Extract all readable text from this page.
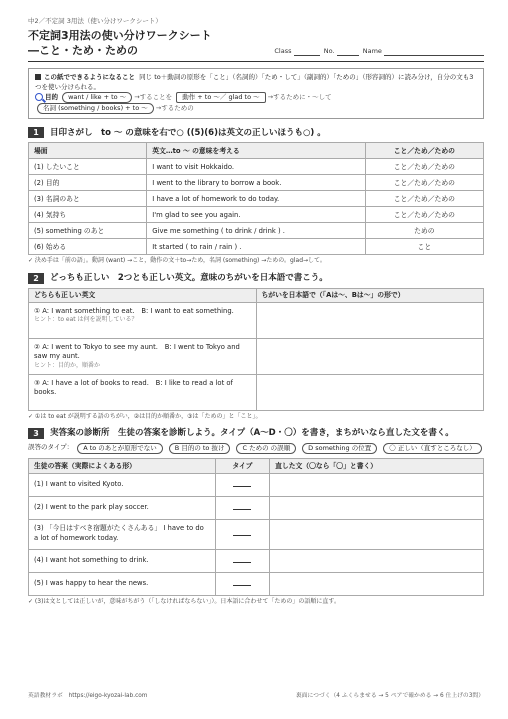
中2／不定詞 3用法（使い分けワークシート）
不定詞3用法の使い分けワークシート
―こと・ため・ための	Class	No.	Name
この紙でできるようになること 同じ to＋動詞の原形を「こと」（名詞的）「ため・して」（副詞的）「ための」（形容詞的）に読み分け，自分の文も3つを使い分けられる。
目的 want / like + to ～ →することを 動作 + to ～／ glad to ～ →するために・～して
名詞 (something / books) + to ～ →するための
1	目印さがし　to ～ の意味を右で○ ((5)(6)は英文の正しいほうも○) 。
場面	英文…to ～ の意味を考える	こと／ため／ための
(1) したいこと	I want to visit Hokkaido.	こと／ため／ための
(2) 目的	I went to the library to borrow a book.	こと／ため／ための
(3) 名詞のあと	I have a lot of homework to do today.	こと／ため／ための
(4) 気持ち	I'm glad to see you again.	こと／ため／ための
(5) something のあと	Give me something ( to drink / drink ) .	ための
(6) 始める	It started ( to rain / rain ) .	こと
✓ 決め手は「前の語」。動詞 (want) →こと，動作の文＋to→ため，名詞 (something) →ための。glad→して。
2	どっちも正しい　2つとも正しい英文。意味のちがいを日本語で書こう。
どちらも正しい英文	ちがいを日本語で（「Aは～、Bは～」の形で）

① A: I want something to eat.　B: I want to eat something.
ヒント：to eat は何を説明している？	

② A: I went to Tokyo to see my aunt.　B: I went to Tokyo and saw my aunt.
ヒント：目的か，順番か	

③ A: I have a lot of books to read.　B: I like to read a lot of books.	

✓ ①は to eat が説明する語のちがい，②は目的か順番か，③は「ための」と「こと」。
3	実答案の診断所　生徒の答案を診断しよう。タイプ（A〜D・〇）を書き，まちがいなら直した文を書く。
誤答のタイプ：	A to のあとが原形でない	B 目的の to 抜け	C ための の誤順	D something の位置	〇 正しい（直すところなし）
生徒の答案（実際によくある形）	タイプ	直した文（〇なら「〇」と書く）
(1) I want to visited Kyoto.		
(2) I went to the park play soccer.		
(3) 「今日はすべき宿題がたくさんある」 I have to do a lot of homework today.		
(4) I want hot something to drink.		
(5) I was happy to hear the news.		
✓ (3)は文としては正しいが，意味がちがう（「しなければならない」）。日本語に合わせて「ための」の語順に直す。
英語教材ラボ　https://eigo-kyozai-lab.com	裏面につづく（4 ふくらませる → 5 ペアで確かめる → 6 仕上げの3問）
